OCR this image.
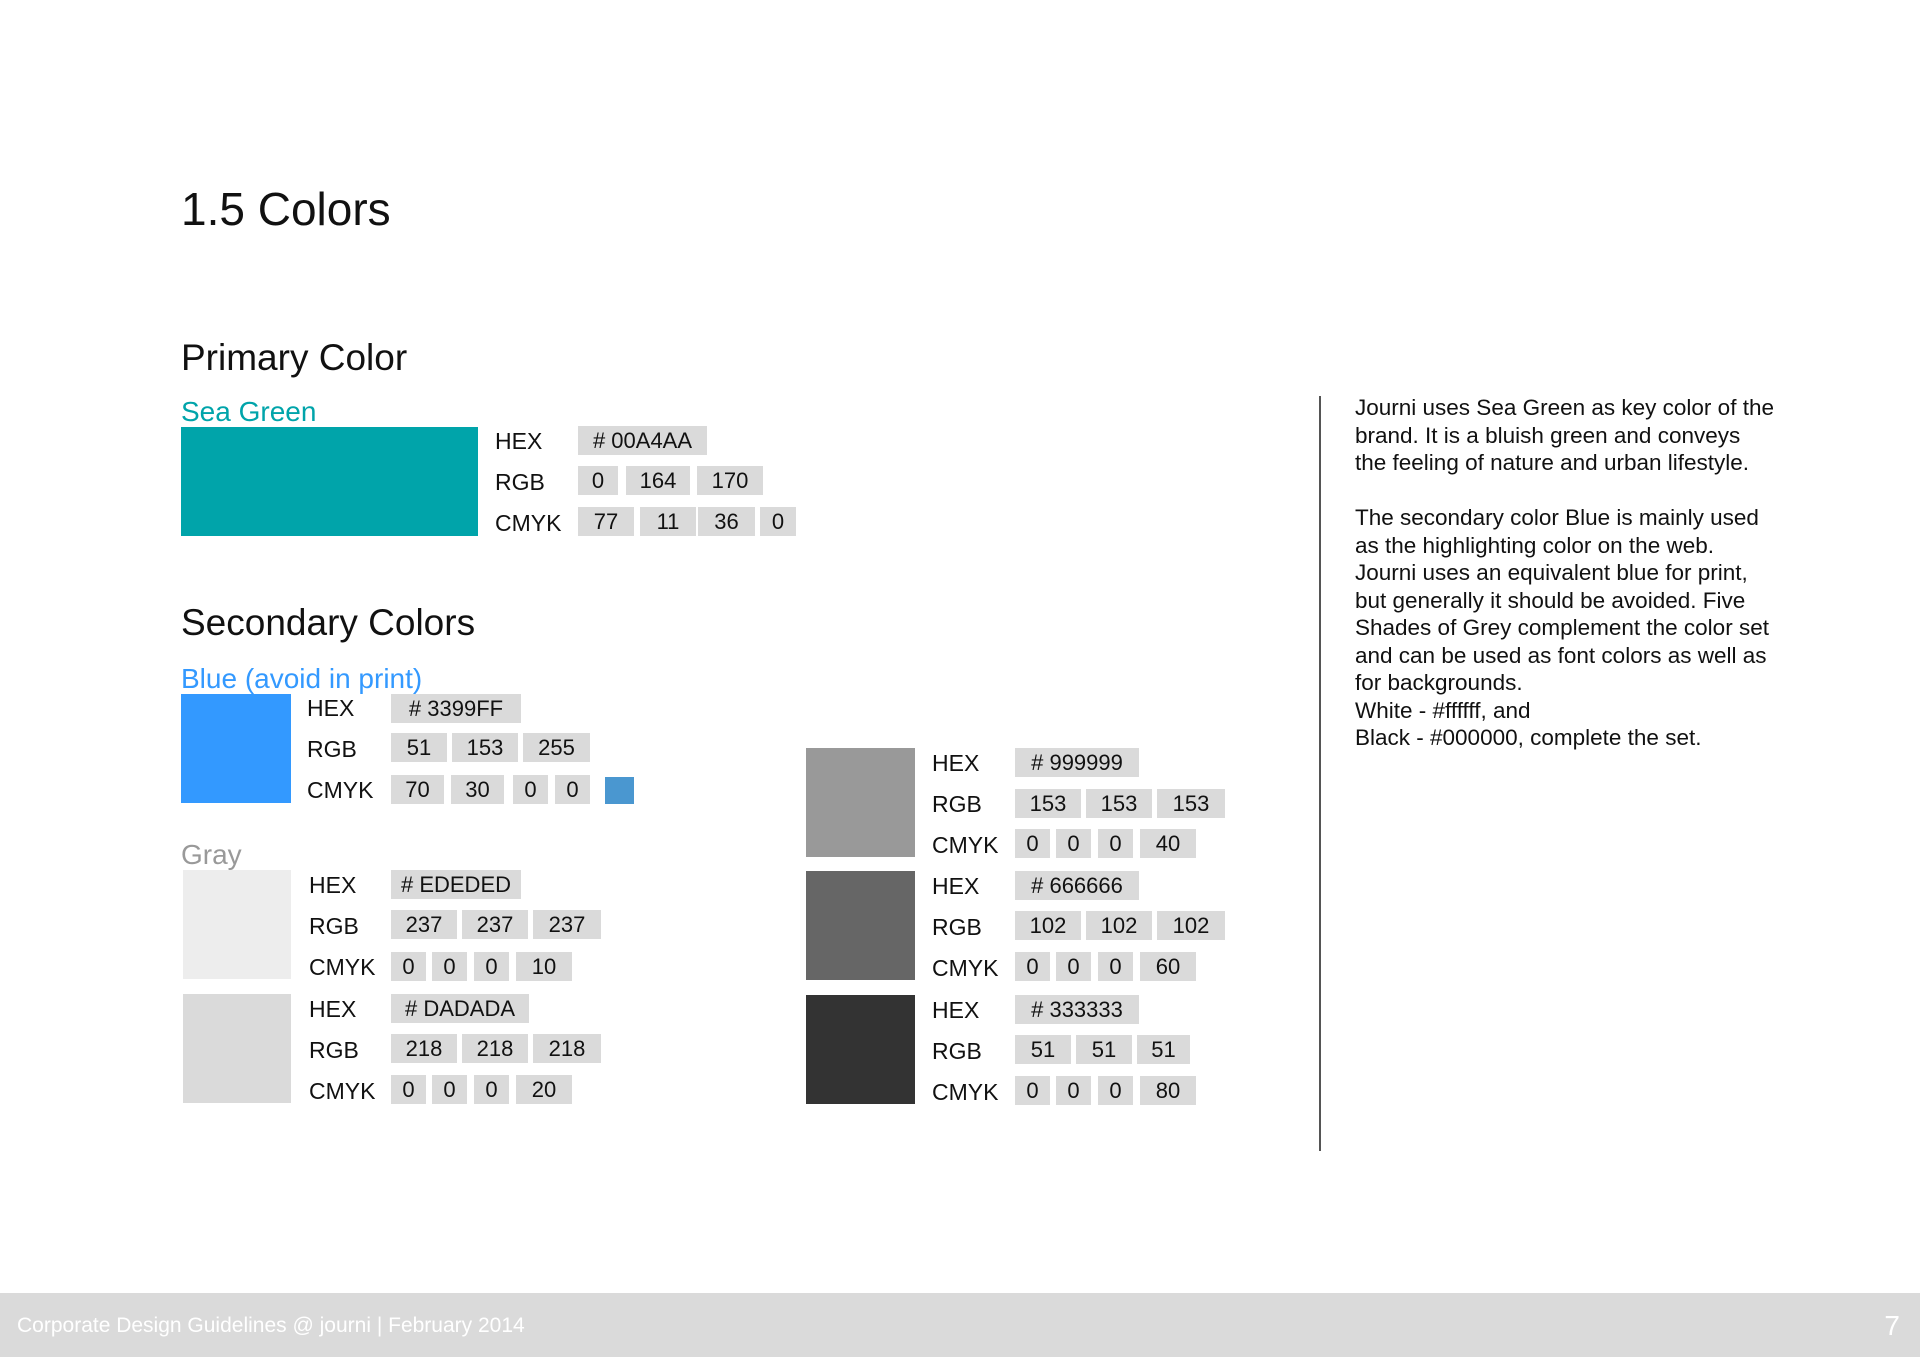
1.5 Colors
Primary Color
Sea Green
HEX	# 00A4AA
RGB	0	164	170
CMYK	77	11	36	0
Secondary Colors
Blue (avoid in print)
HEX	# 3399FF
RGB	51	153	255
CMYK	70	30	0	0
Gray
HEX	# EDEDED
RGB	237	237	237
CMYK	0	0	0	10
HEX	# DADADA
RGB	218	218	218
CMYK	0	0	0	20
HEX	# 999999
RGB	153	153	153
CMYK	0	0	0	40
HEX	# 666666
RGB	102	102	102
CMYK	0	0	0	60
HEX	# 333333
RGB	51	51	51
CMYK	0	0	0	80

Journi uses Sea Green as key color of the brand. It is a bluish green and conveys the feeling of nature and urban lifestyle.

The secondary color Blue is mainly used as the highlighting color on the web. Journi uses an equivalent blue for print, but generally it should be avoided. Five Shades of Grey complement the color set and can be used as font colors as well as for backgrounds.

White - #ffffff, and

Black - #000000, complete the set.

Corporate Design Guidelines @ journi | February 2014	7
